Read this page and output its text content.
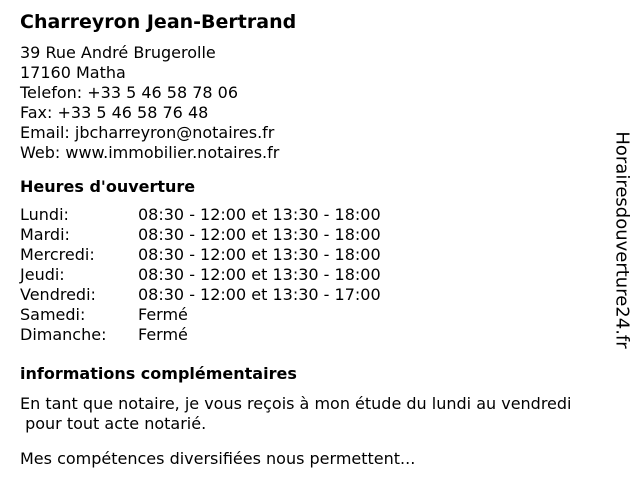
Charreyron Jean-Bertrand
39 Rue André Brugerolle
17160 Matha
Telefon: +33 5 46 58 78 06
Fax: +33 5 46 58 76 48
Email: jbcharreyron@notaires.fr
Web: www.immobilier.notaires.fr
Heures d'ouverture
Lundi:	08:30 - 12:00 et 13:30 - 18:00
Mardi:	08:30 - 12:00 et 13:30 - 18:00
Mercredi:	08:30 - 12:00 et 13:30 - 18:00
Jeudi:	08:30 - 12:00 et 13:30 - 18:00
Vendredi:	08:30 - 12:00 et 13:30 - 17:00
Samedi:	Fermé
Dimanche:	Fermé
informations complémentaires

En tant que notaire, je vous reçois à mon étude du lundi au vendredi
pour tout acte notarié.

Mes compétences diversifiées nous permettent...

Horairesdouverture24.fr
